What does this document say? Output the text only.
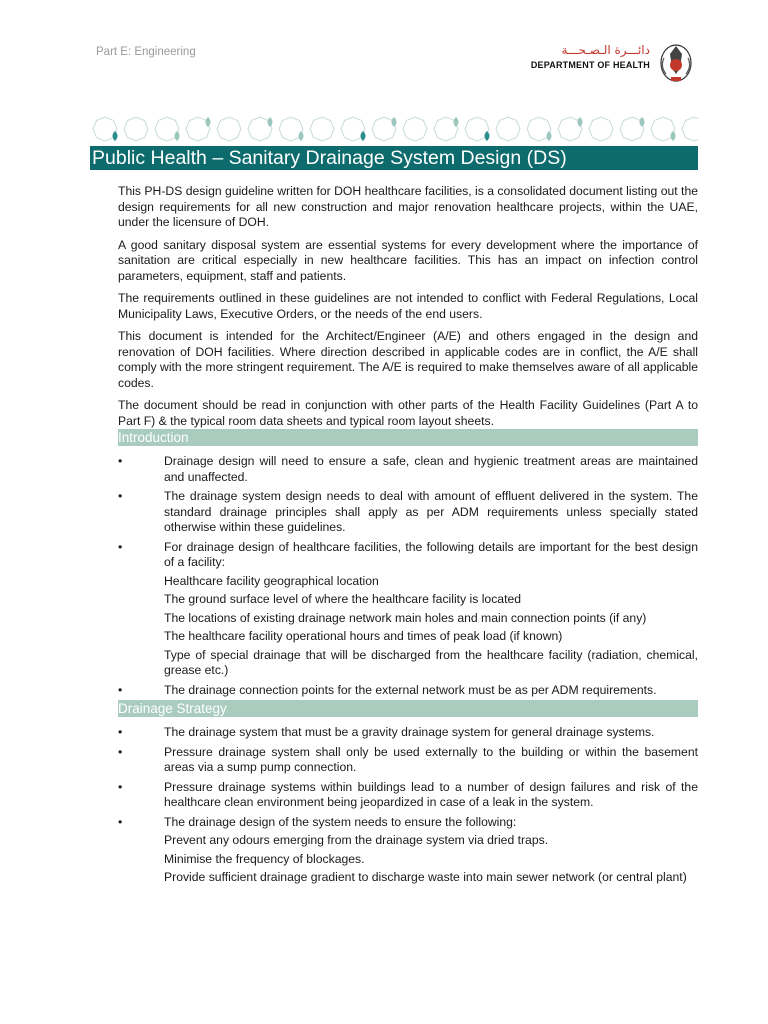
Part E: Engineering	دائـــرة الـصـحـــة
DEPARTMENT OF HEALTH
Public Health – Sanitary Drainage System Design (DS)

This PH-DS design guideline written for DOH healthcare facilities, is a consolidated document listing out the design requirements for all new construction and major renovation healthcare projects, within the UAE, under the licensure of DOH.

A good sanitary disposal system are essential systems for every development where the importance of sanitation are critical especially in new healthcare facilities. This has an impact on infection control parameters, equipment, staff and patients.

The requirements outlined in these guidelines are not intended to conflict with Federal Regulations, Local Municipality Laws, Executive Orders, or the needs of the end users.

This document is intended for the Architect/Engineer (A/E) and others engaged in the design and renovation of DOH facilities. Where direction described in applicable codes are in conflict, the A/E shall comply with the more stringent requirement. The A/E is required to make themselves aware of all applicable codes.

The document should be read in conjunction with other parts of the Health Facility Guidelines (Part A to Part F) & the typical room data sheets and typical room layout sheets.

Introduction
• Drainage design will need to ensure a safe, clean and hygienic treatment areas are maintained and unaffected.
• The drainage system design needs to deal with amount of effluent delivered in the system. The standard drainage principles shall apply as per ADM requirements unless specially stated otherwise within these guidelines.
• For drainage design of healthcare facilities, the following details are important for the best design of a facility:
Healthcare facility geographical location
The ground surface level of where the healthcare facility is located
The locations of existing drainage network main holes and main connection points (if any)
The healthcare facility operational hours and times of peak load (if known)
Type of special drainage that will be discharged from the healthcare facility (radiation, chemical, grease etc.)
• The drainage connection points for the external network must be as per ADM requirements.
Drainage Strategy
• The drainage system that must be a gravity drainage system for general drainage systems.
• Pressure drainage system shall only be used externally to the building or within the basement areas via a sump pump connection.
• Pressure drainage systems within buildings lead to a number of design failures and risk of the healthcare clean environment being jeopardized in case of a leak in the system.
• The drainage design of the system needs to ensure the following:
Prevent any odours emerging from the drainage system via dried traps.
Minimise the frequency of blockages.
Provide sufficient drainage gradient to discharge waste into main sewer network (or central plant)
